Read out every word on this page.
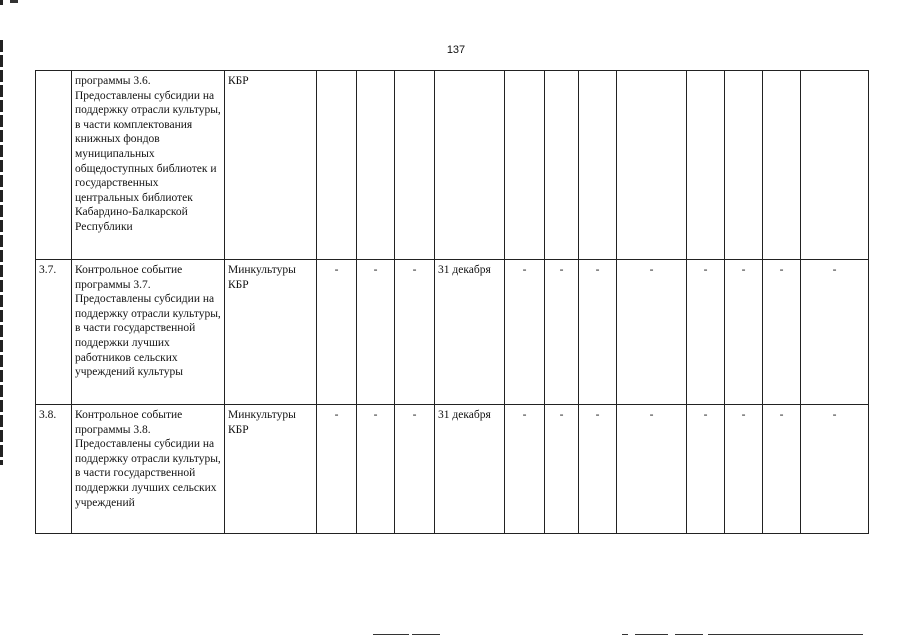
137
	программы 3.6. Предоставлены субсидии на поддержку отрасли культуры, в части комплектования книжных фондов муниципальных общедоступных библиотек и государственных центральных библиотек Кабардино-Балкарской Республики	КБР												
3.7.	Контрольное событие программы 3.7. Предоставлены субсидии на поддержку отрасли культуры, в части государственной поддержки лучших работников сельских учреждений культуры	Минкультуры КБР	-	-	-	31 декабря	-	-	-	-	-	-	-	-
3.8.	Контрольное событие программы 3.8. Предоставлены субсидии на поддержку отрасли культуры, в части государственной поддержки лучших сельских учреждений	Минкультуры КБР	-	-	-	31 декабря	-	-	-	-	-	-	-	-
